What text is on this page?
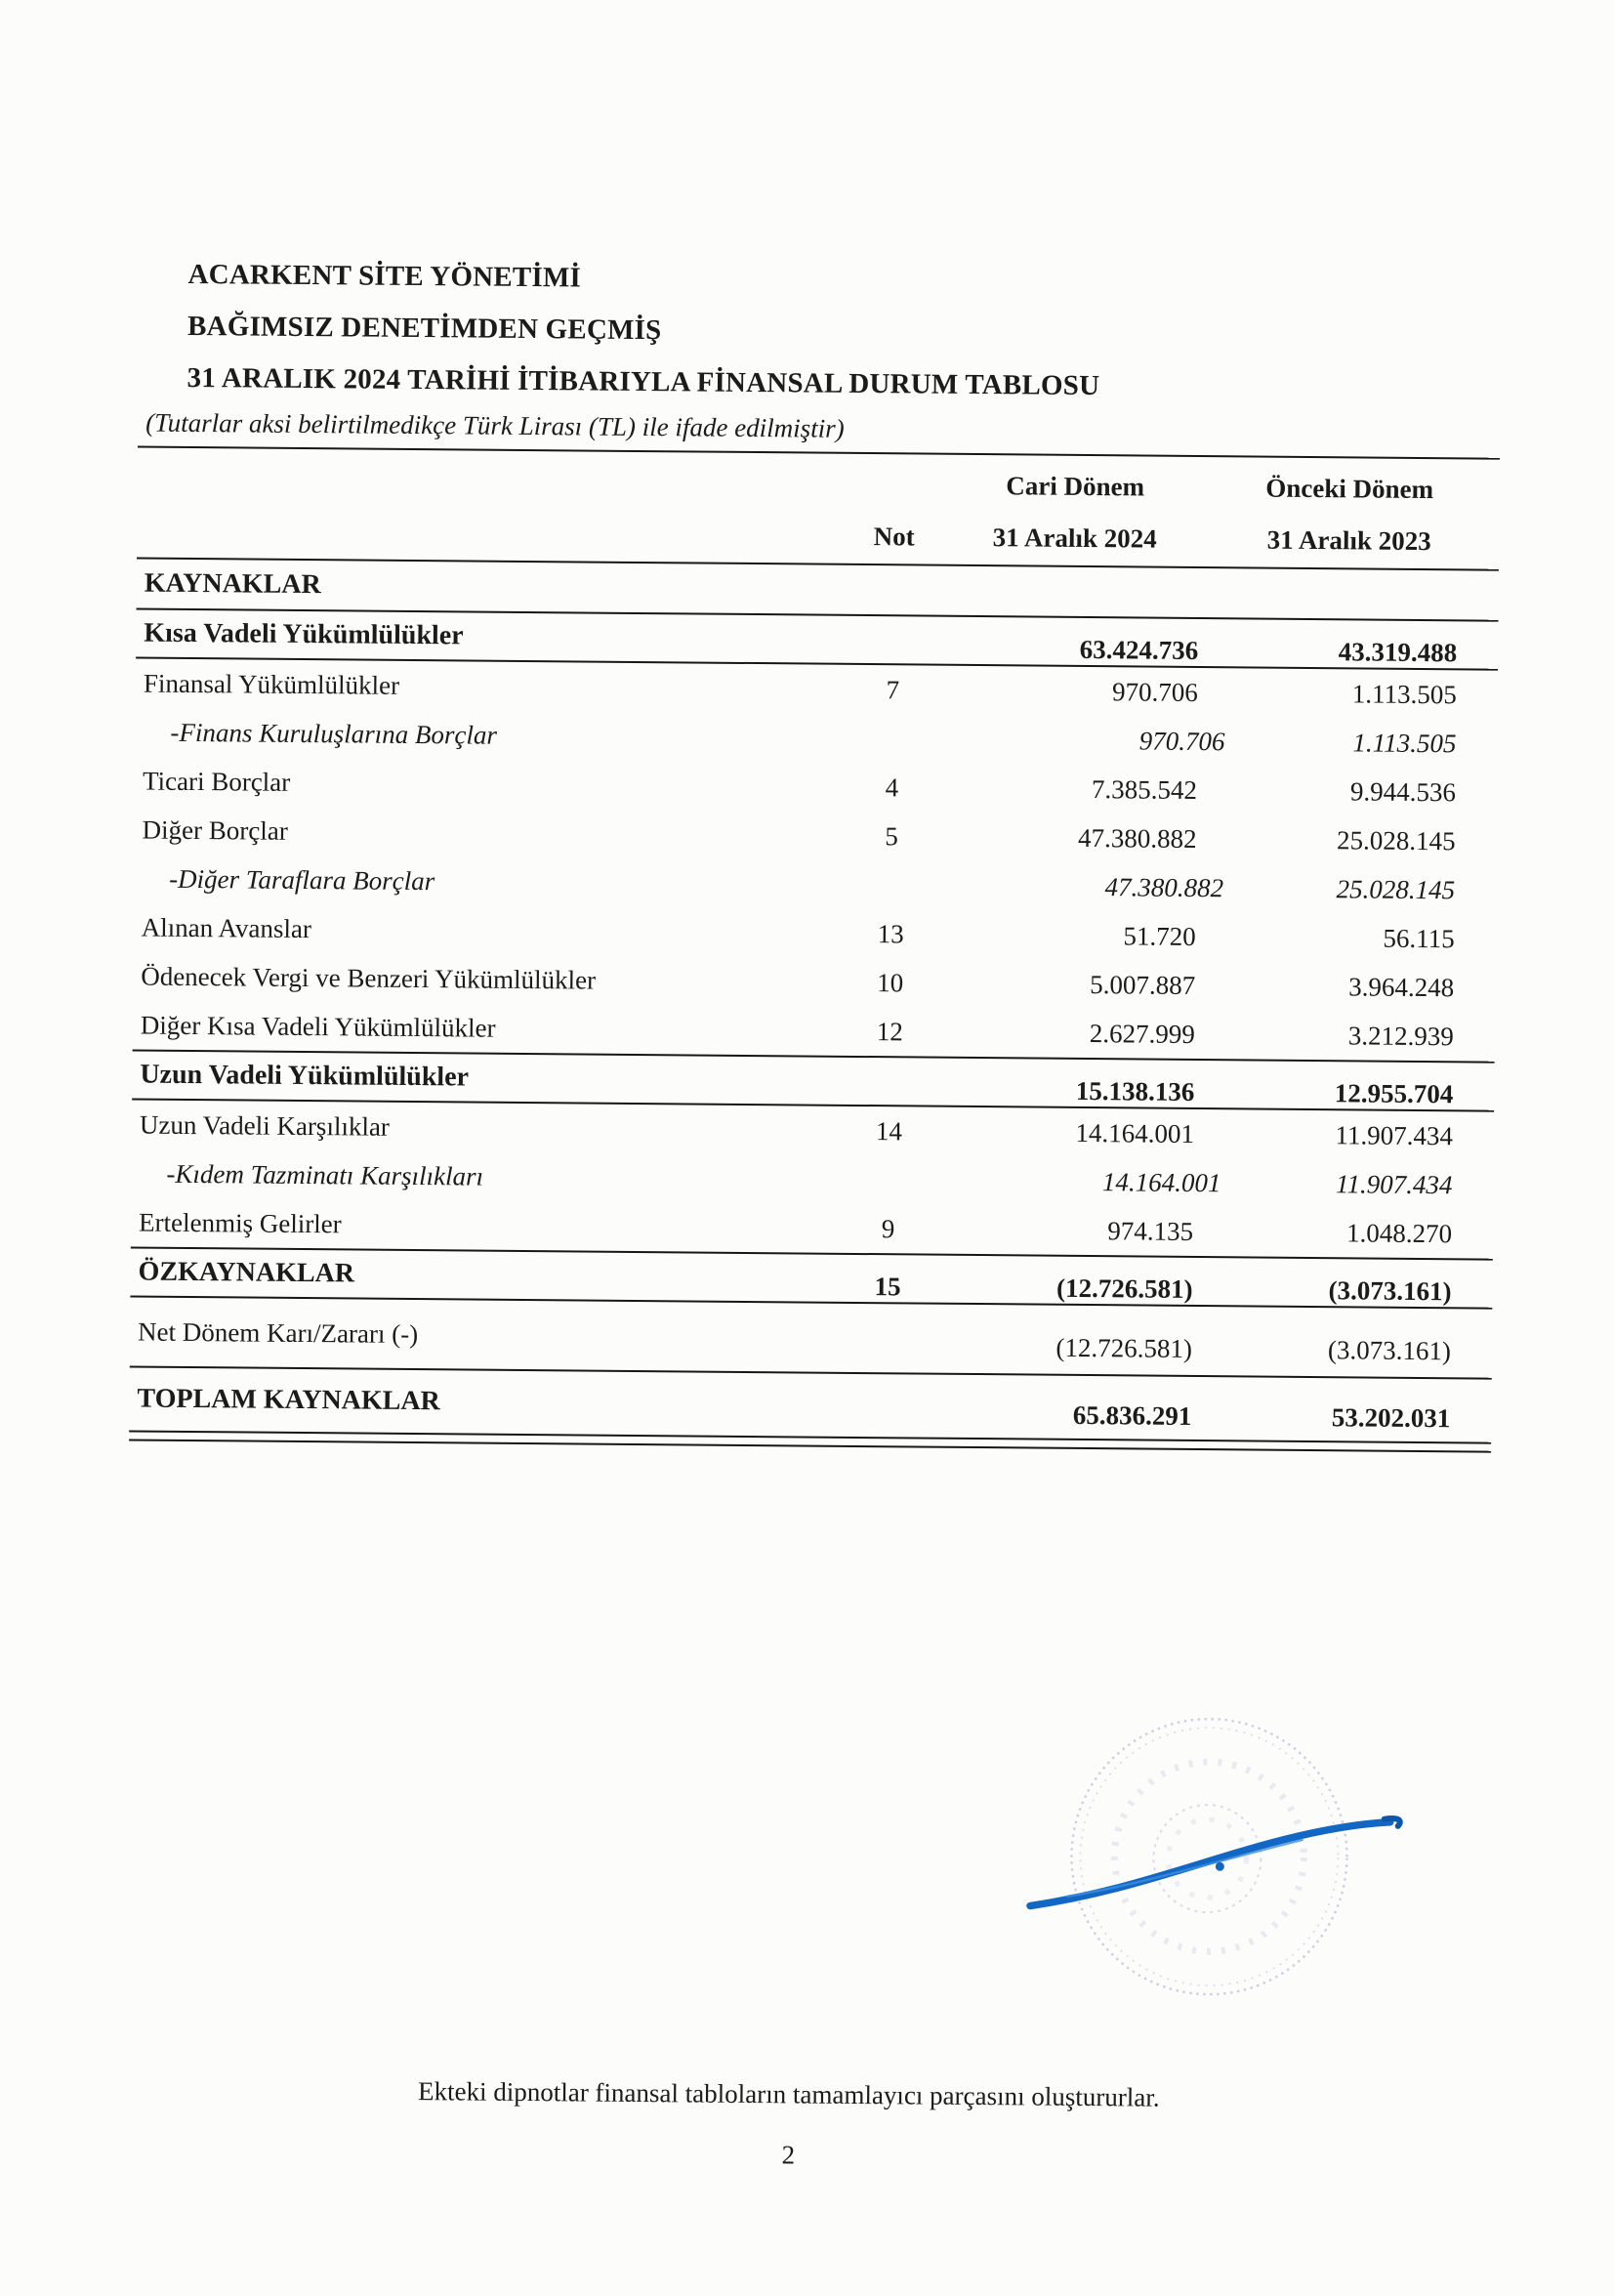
ACARKENT SİTE YÖNETİMİ
BAĞIMSIZ DENETİMDEN GEÇMİŞ
31 ARALIK 2024 TARİHİ İTİBARIYLA FİNANSAL DURUM TABLOSU
(Tutarlar aksi belirtilmedikçe Türk Lirası (TL) ile ifade edilmiştir)
Cari Dönem	Önceki Dönem
Not	31 Aralık 2024	31 Aralık 2023
KAYNAKLAR
Kısa Vadeli Yükümlülükler	63.424.736	43.319.488
Finansal Yükümlülükler	7	970.706	1.113.505
-Finans Kuruluşlarına Borçlar	970.706	1.113.505
Ticari Borçlar	4	7.385.542	9.944.536
Diğer Borçlar	5	47.380.882	25.028.145
-Diğer Taraflara Borçlar	47.380.882	25.028.145
Alınan Avanslar	13	51.720	56.115
Ödenecek Vergi ve Benzeri Yükümlülükler	10	5.007.887	3.964.248
Diğer Kısa Vadeli Yükümlülükler	12	2.627.999	3.212.939
Uzun Vadeli Yükümlülükler	15.138.136	12.955.704
Uzun Vadeli Karşılıklar	14	14.164.001	11.907.434
-Kıdem Tazminatı Karşılıkları	14.164.001	11.907.434
Ertelenmiş Gelirler	9	974.135	1.048.270
ÖZKAYNAKLAR	15	(12.726.581)	(3.073.161)
Net Dönem Karı/Zararı (-)	(12.726.581)	(3.073.161)
TOPLAM KAYNAKLAR	65.836.291	53.202.031
Ekteki dipnotlar finansal tabloların tamamlayıcı parçasını oluştururlar.
2
